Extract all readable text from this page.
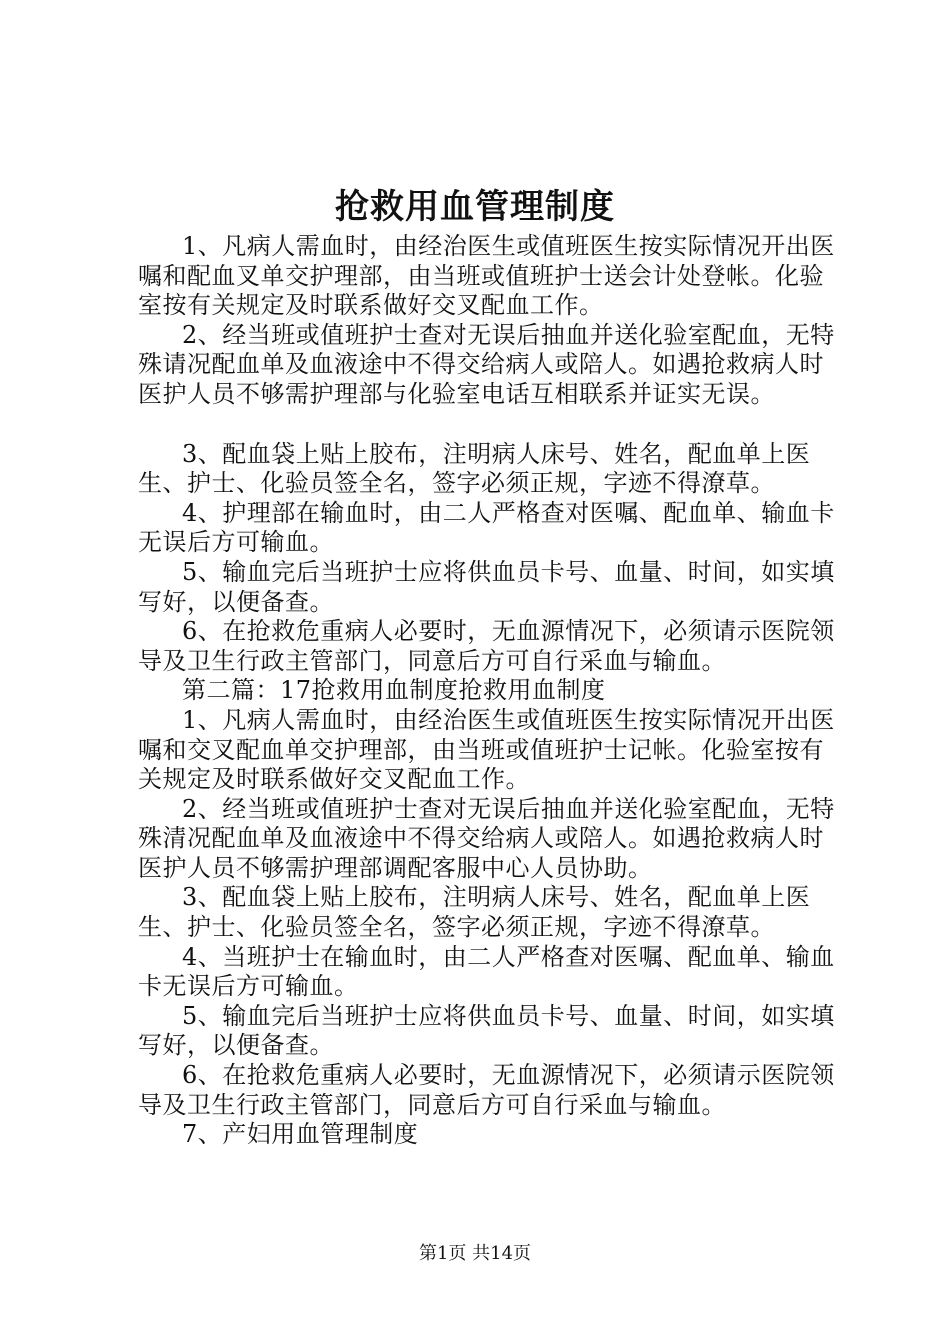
抢救用血管理制度

1、凡病人需血时，由经治医生或值班医生按实际情况开出医嘱和配血叉单交护理部，由当班或值班护士送会计处登帐。化验室按有关规定及时联系做好交叉配血工作。

2、经当班或值班护士查对无误后抽血并送化验室配血，无特殊请况配血单及血液途中不得交给病人或陪人。如遇抢救病人时医护人员不够需护理部与化验室电话互相联系并证实无误。

3、配血袋上贴上胶布，注明病人床号、姓名，配血单上医生、护士、化验员签全名，签字必须正规，字迹不得潦草。

4、护理部在输血时，由二人严格查对医嘱、配血单、输血卡无误后方可输血。

5、输血完后当班护士应将供血员卡号、血量、时间，如实填写好，以便备查。

6、在抢救危重病人必要时，无血源情况下，必须请示医院领导及卫生行政主管部门，同意后方可自行采血与输血。

第二篇：17抢救用血制度抢救用血制度

1、凡病人需血时，由经治医生或值班医生按实际情况开出医嘱和交叉配血单交护理部，由当班或值班护士记帐。化验室按有关规定及时联系做好交叉配血工作。

2、经当班或值班护士查对无误后抽血并送化验室配血，无特殊清况配血单及血液途中不得交给病人或陪人。如遇抢救病人时医护人员不够需护理部调配客服中心人员协助。

3、配血袋上贴上胶布，注明病人床号、姓名，配血单上医生、护士、化验员签全名，签字必须正规，字迹不得潦草。

4、当班护士在输血时，由二人严格查对医嘱、配血单、输血卡无误后方可输血。

5、输血完后当班护士应将供血员卡号、血量、时间，如实填写好，以便备查。

6、在抢救危重病人必要时，无血源情况下，必须请示医院领导及卫生行政主管部门，同意后方可自行采血与输血。

7、产妇用血管理制度

第1页 共14页
